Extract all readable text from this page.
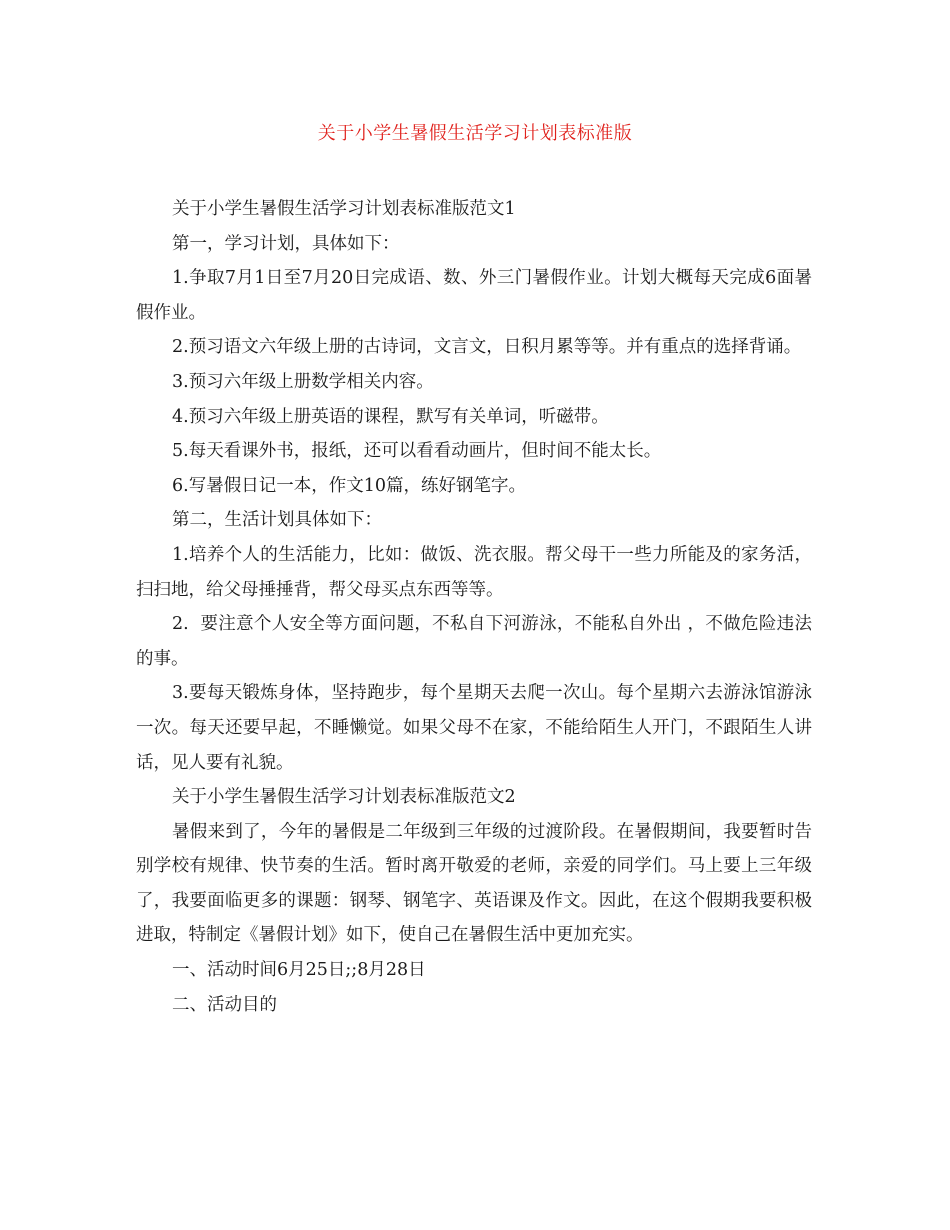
关于小学生暑假生活学习计划表标准版

关于小学生暑假生活学习计划表标准版范文1

第一，学习计划，具体如下：

1.争取7月1日至7月20日完成语、数、外三门暑假作业。计划大概每天完成6面暑假作业。

2.预习语文六年级上册的古诗词，文言文，日积月累等等。并有重点的选择背诵。

3.预习六年级上册数学相关内容。

4.预习六年级上册英语的课程，默写有关单词，听磁带。

5.每天看课外书，报纸，还可以看看动画片，但时间不能太长。

6.写暑假日记一本，作文10篇，练好钢笔字。

第二，生活计划具体如下：

1.培养个人的生活能力，比如：做饭、洗衣服。帮父母干一些力所能及的家务活，扫扫地，给父母捶捶背，帮父母买点东西等等。

2.  要注意个人安全等方面问题，不私自下河游泳，不能私自外出 ，不做危险违法的事。

3.要每天锻炼身体，坚持跑步，每个星期天去爬一次山。每个星期六去游泳馆游泳一次。每天还要早起，不睡懒觉。如果父母不在家，不能给陌生人开门，不跟陌生人讲话，见人要有礼貌。

关于小学生暑假生活学习计划表标准版范文2

暑假来到了，今年的暑假是二年级到三年级的过渡阶段。在暑假期间，我要暂时告别学校有规律、快节奏的生活。暂时离开敬爱的老师，亲爱的同学们。马上要上三年级了，我要面临更多的课题：钢琴、钢笔字、英语课及作文。因此，在这个假期我要积极进取，特制定《暑假计划》如下，使自己在暑假生活中更加充实。

一、活动时间6月25日;;8月28日

二、活动目的
